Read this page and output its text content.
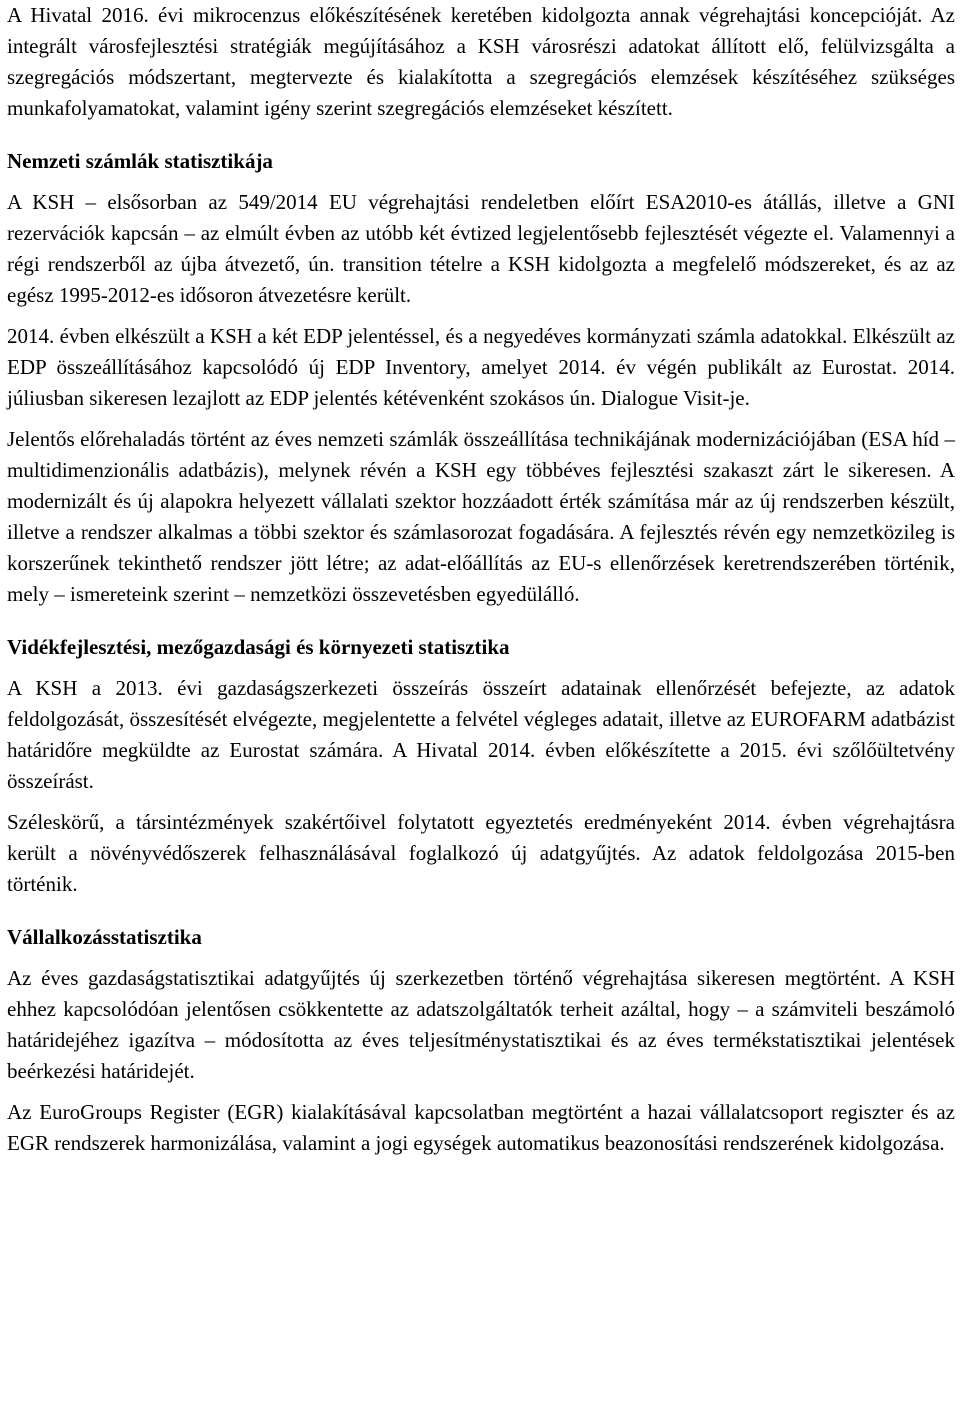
A Hivatal 2016. évi mikrocenzus előkészítésének keretében kidolgozta annak végrehajtási koncepcióját. Az integrált városfejlesztési stratégiák megújításához a KSH városrészi adatokat állított elő, felülvizsgálta a szegregációs módszertant, megtervezte és kialakította a szegregációs elemzések készítéséhez szükséges munkafolyamatokat, valamint igény szerint szegregációs elemzéseket készített.

Nemzeti számlák statisztikája

A KSH – elsősorban az 549/2014 EU végrehajtási rendeletben előírt ESA2010-es átállás, illetve a GNI rezervációk kapcsán – az elmúlt évben az utóbb két évtized legjelentősebb fejlesztését végezte el. Valamennyi a régi rendszerből az újba átvezető, ún. transition tételre a KSH kidolgozta a megfelelő módszereket, és az az egész 1995-2012-es idősoron átvezetésre került.

2014. évben elkészült a KSH a két EDP jelentéssel, és a negyedéves kormányzati számla adatokkal. Elkészült az EDP összeállításához kapcsolódó új EDP Inventory, amelyet 2014. év végén publikált az Eurostat. 2014. júliusban sikeresen lezajlott az EDP jelentés kétévenként szokásos ún. Dialogue Visit-je.

Jelentős előrehaladás történt az éves nemzeti számlák összeállítása technikájának modernizációjában (ESA híd – multidimenzionális adatbázis), melynek révén a KSH egy többéves fejlesztési szakaszt zárt le sikeresen. A modernizált és új alapokra helyezett vállalati szektor hozzáadott érték számítása már az új rendszerben készült, illetve a rendszer alkalmas a többi szektor és számlasorozat fogadására. A fejlesztés révén egy nemzetközileg is korszerűnek tekinthető rendszer jött létre; az adat-előállítás az EU-s ellenőrzések keretrendszerében történik, mely – ismereteink szerint – nemzetközi összevetésben egyedülálló.

Vidékfejlesztési, mezőgazdasági és környezeti statisztika

A KSH a 2013. évi gazdaságszerkezeti összeírás összeírt adatainak ellenőrzését befejezte, az adatok feldolgozását, összesítését elvégezte, megjelentette a felvétel végleges adatait, illetve az EUROFARM adatbázist határidőre megküldte az Eurostat számára. A Hivatal 2014. évben előkészítette a 2015. évi szőlőültetvény összeírást.

Széleskörű, a társintézmények szakértőivel folytatott egyeztetés eredményeként 2014. évben végrehajtásra került a növényvédőszerek felhasználásával foglalkozó új adatgyűjtés. Az adatok feldolgozása 2015-ben történik.

Vállalkozásstatisztika

Az éves gazdaságstatisztikai adatgyűjtés új szerkezetben történő végrehajtása sikeresen megtörtént. A KSH ehhez kapcsolódóan jelentősen csökkentette az adatszolgáltatók terheit azáltal, hogy – a számviteli beszámoló határidejéhez igazítva – módosította az éves teljesítménystatisztikai és az éves termékstatisztikai jelentések beérkezési határidejét.

Az EuroGroups Register (EGR) kialakításával kapcsolatban megtörtént a hazai vállalatcsoport regiszter és az EGR rendszerek harmonizálása, valamint a jogi egységek automatikus beazonosítási rendszerének kidolgozása.
